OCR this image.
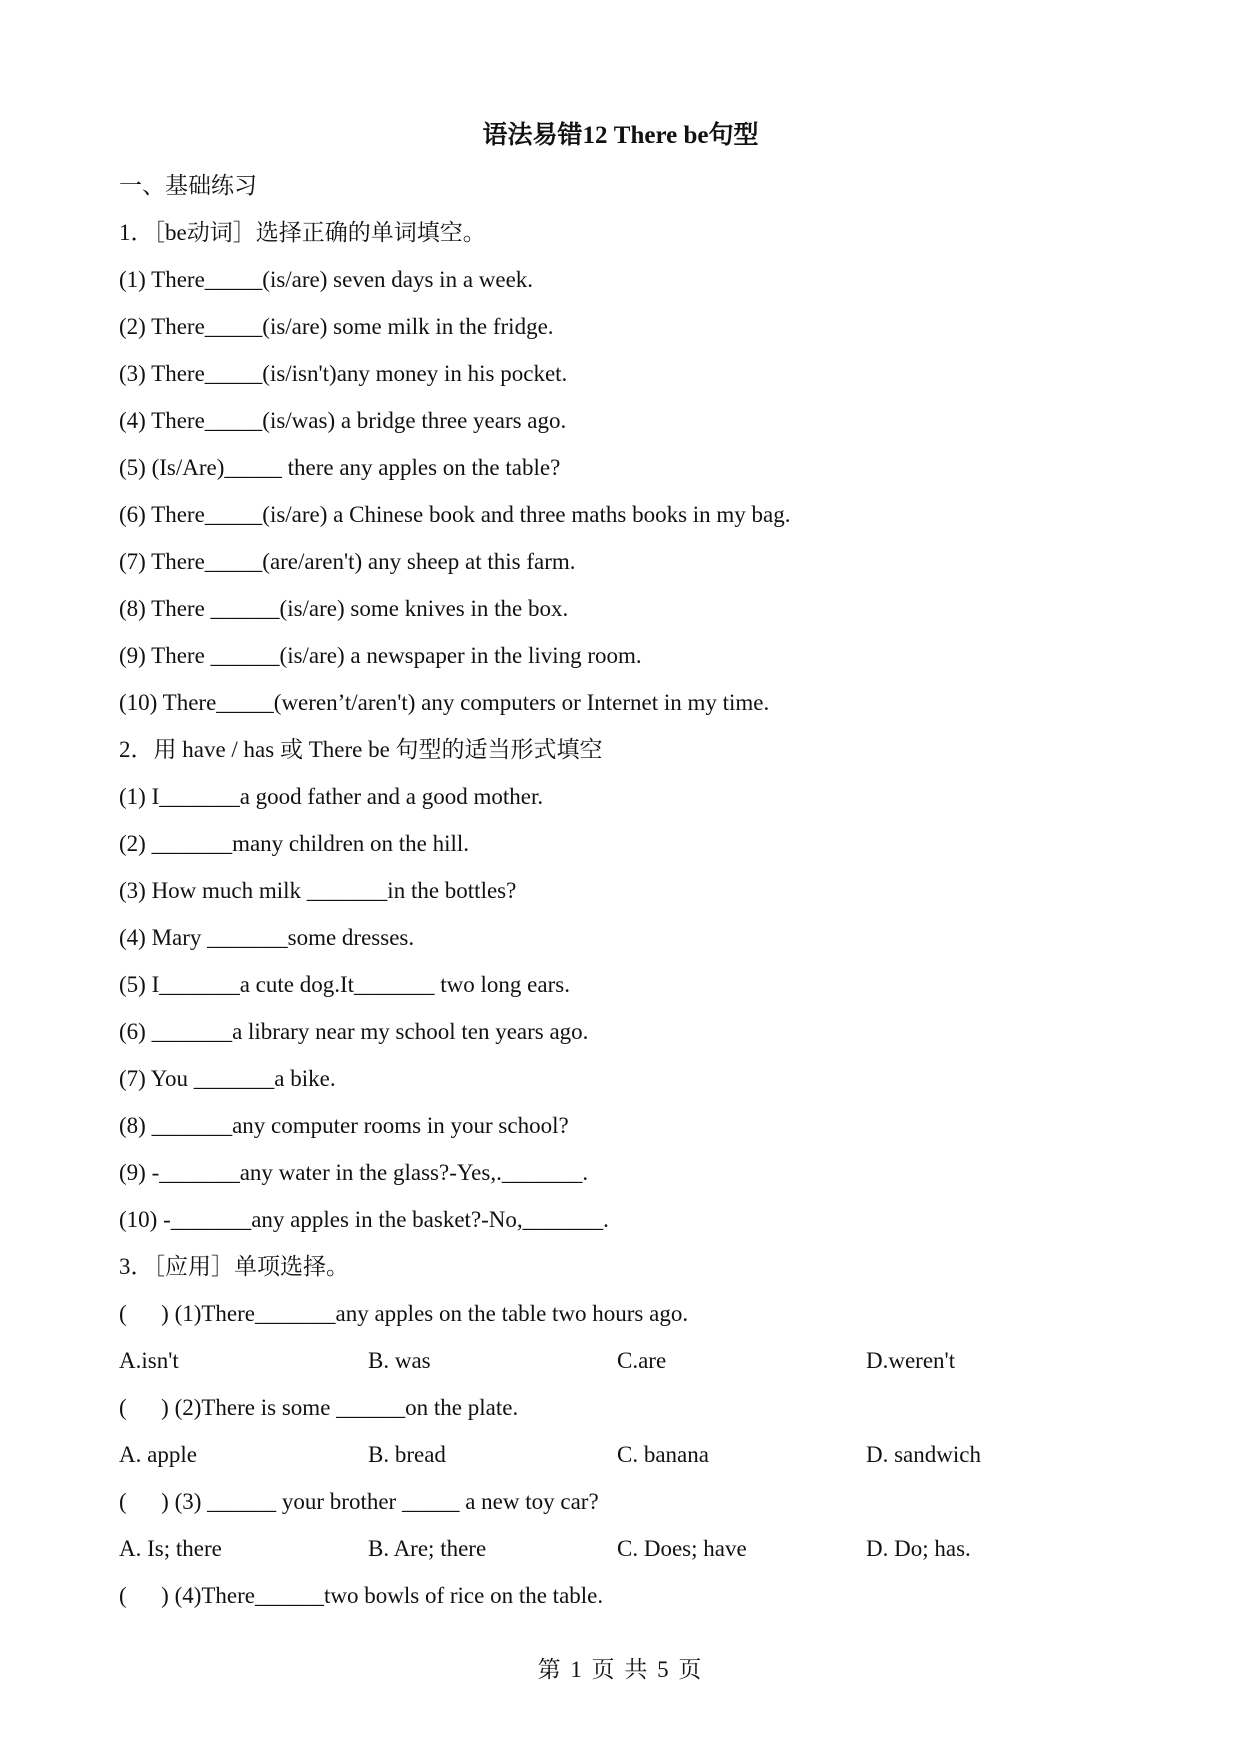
语法易错12 There be句型
一、基础练习
1．［be动词］选择正确的单词填空。
(1) There_____(is/are) seven days in a week.
(2) There_____(is/are) some milk in the fridge.
(3) There_____(is/isn't)any money in his pocket.
(4) There_____(is/was) a bridge three years ago.
(5) (Is/Are)_____ there any apples on the table?
(6) There_____(is/are) a Chinese book and three maths books in my bag.
(7) There_____(are/aren't) any sheep at this farm.
(8) There ______(is/are) some knives in the box.
(9) There ______(is/are) a newspaper in the living room.
(10) There_____(weren’t/aren't) any computers or Internet in my time.
2．用 have / has 或 There be 句型的适当形式填空
(1) I_______a good father and a good mother.
(2) _______many children on the hill.
(3) How much milk _______in the bottles?
(4) Mary _______some dresses.
(5) I_______a cute dog.It_______ two long ears.
(6) _______a library near my school ten years ago.
(7) You _______a bike.
(8) _______any computer rooms in your school?
(9) -_______any water in the glass?-Yes,._______.
(10) -_______any apples in the basket?-No,_______.
3．［应用］单项选择。
(      ) (1)There_______any apples on the table two hours ago.
A.isn't	B. was	C.are	D.weren't
(      ) (2)There is some ______on the plate.
A. apple	B. bread	C. banana	D. sandwich
(      ) (3) ______ your brother _____ a new toy car?
A. Is; there	B. Are; there	C. Does; have	D. Do; has.
(      ) (4)There______two bowls of rice on the table.
第 1 页 共 5 页
